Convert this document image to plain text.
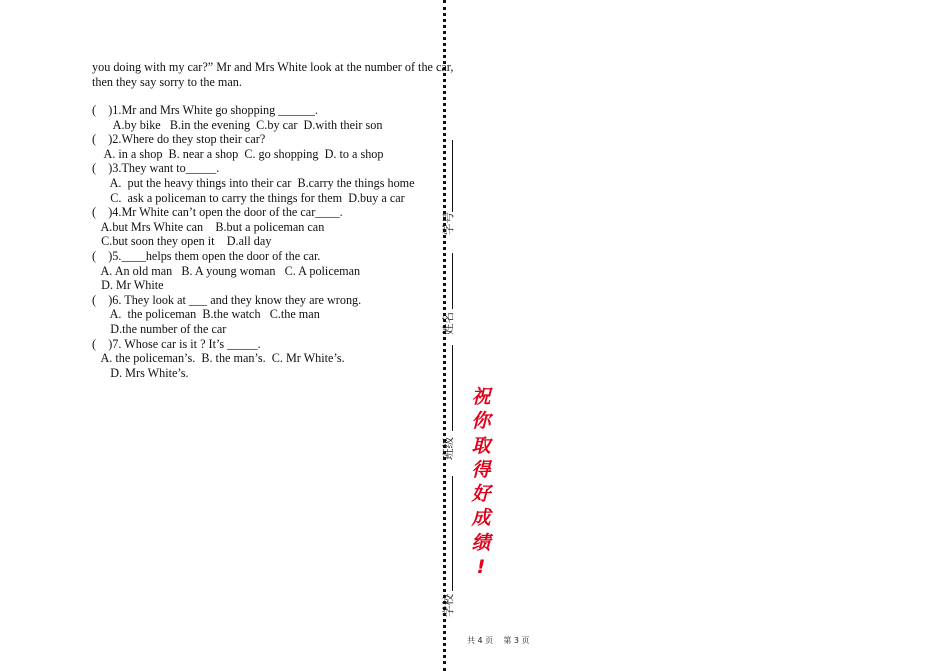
you doing with my car?” Mr and Mrs White look at the number of the car,

then they say sorry to the man.

(    )1.Mr and Mrs White go shopping ______.
A.by bike   B.in the evening  C.by car  D.with their son
(    )2.Where do they stop their car?
A. in a shop  B. near a shop  C. go shopping  D. to a shop
(    )3.They want to_____.
A.  put the heavy things into their car  B.carry the things home
C.  ask a policeman to carry the things for them  D.buy a car
(    )4.Mr White can’t open the door of the car____.
A.but Mrs White can    B.but a policeman can
C.but soon they open it    D.all day
(    )5.____helps them open the door of the car.
A. An old man   B. A young woman   C. A policeman
D. Mr White
(    )6. They look at ___ and they know they are wrong.
A.  the policeman  B.the watch   C.the man
D.the number of the car
(    )7. Whose car is it ? It’s _____.
A. the policeman’s.  B. the man’s.  C. Mr White’s.
D. Mrs White’s.
学号
姓名
班级
学校
祝
你
取
得
好
成
绩
!
共 4 页    第 3 页
